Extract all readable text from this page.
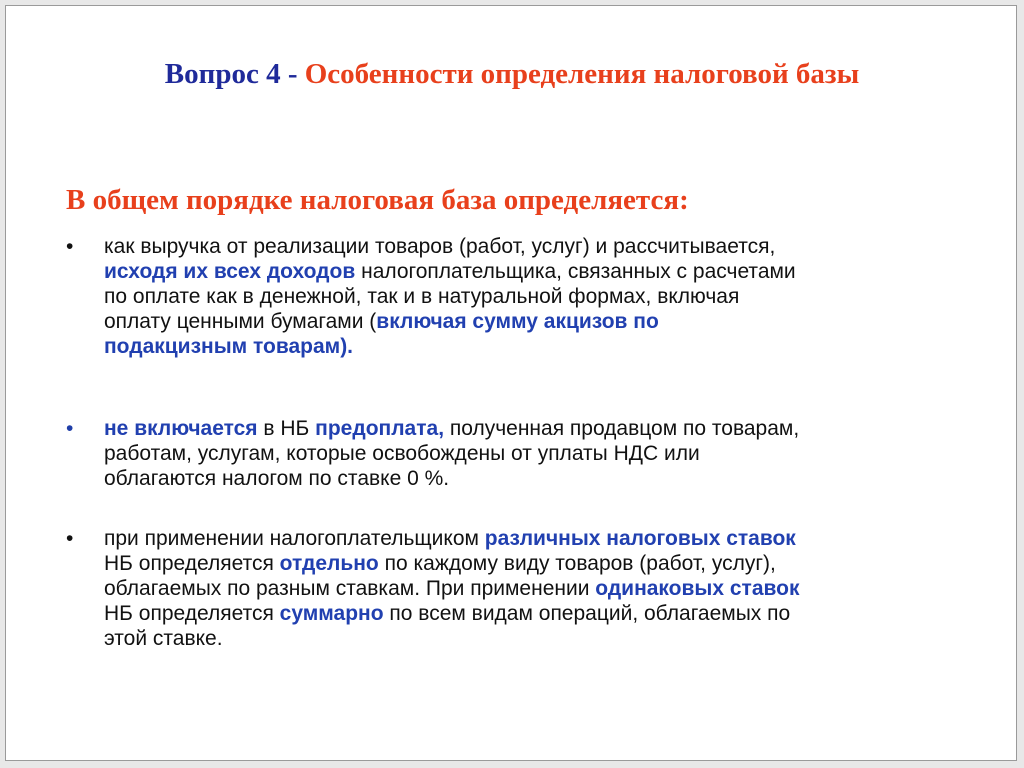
Вопрос 4 - Особенности определения налоговой базы
В общем порядке налоговая база определяется:
•	как выручка от реализации товаров (работ, услуг) и рассчитывается,
исходя их всех доходов налогоплательщика, связанных с расчетами
по оплате как в денежной, так и в натуральной формах, включая
оплату ценными бумагами (включая сумму акцизов по
подакцизным товарам).
•	не включается в НБ предоплата, полученная продавцом по товарам,
работам, услугам, которые освобождены от уплаты НДС или
облагаются налогом по ставке 0 %.
•	при применении налогоплательщиком различных налоговых ставок
НБ определяется отдельно по каждому виду товаров (работ, услуг),
облагаемых по разным ставкам. При применении одинаковых ставок
НБ определяется суммарно по всем видам операций, облагаемых по
этой ставке.
